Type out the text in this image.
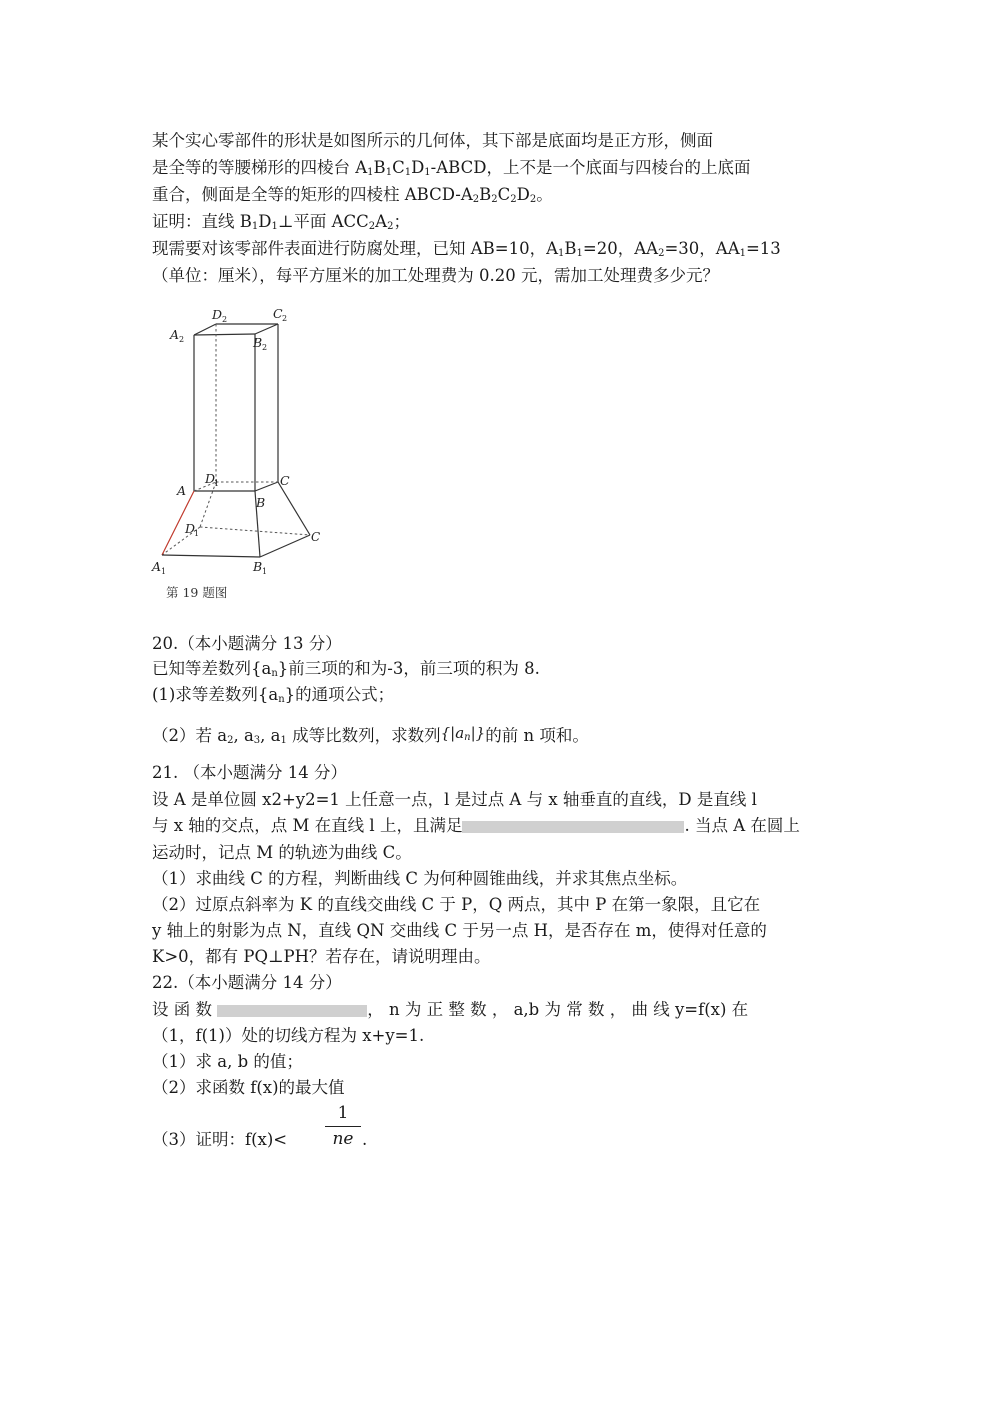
某个实心零部件的形状是如图所示的几何体，其下部是底面均是正方形，侧面
是全等的等腰梯形的四棱台 $A_1B_1C_1D_1$-ABCD，上不是一个底面与四棱台的上底面
重合，侧面是全等的矩形的四棱柱 ABCD-$A_2B_2C_2D_2$。
证明：直线 $B_1D_1\perp$平面 $ACC_2A_2$；
现需要对该零部件表面进行防腐处理，已知 AB=10，$A_1B_1=20$，$AA_2=30$，$AA_1=13$
（单位：厘米），每平方厘米的加工处理费为 0.20 元，需加工处理费多少元？
A 2
D 2	C 2
B 2
A
D
1	C
B
D
1	C
A 1	B 1
第 19 题图
20.（本小题满分 13 分）
已知等差数列$\{a_n\}$前三项的和为-3，前三项的积为 8.
(1)求等差数列$\{a_n\}$的通项公式；
（2）若 $a_2$, $a_3$, $a_1$ 成等比数列，求数列$\{|a_n|\}$的前 n 项和。
21. （本小题满分 14 分）
设 A 是单位圆 x2+y2=1 上任意一点，l 是过点 A 与 x 轴垂直的直线，D 是直线 l
与 x 轴的交点，点 M 在直线 l 上，且满足	. 当点 A 在圆上
运动时，记点 M 的轨迹为曲线 C。
（1）求曲线 C 的方程，判断曲线 C 为何种圆锥曲线，并求其焦点坐标。
（2）过原点斜率为 K 的直线交曲线 C 于 P，Q 两点，其中 P 在第一象限，且它在
y 轴上的射影为点 N，直线 QN 交曲线 C 于另一点 H，是否存在 m，使得对任意的
K>0，都有 PQ⊥PH？若存在，请说明理由。
22.（本小题满分 14 分）
设 函 数	， n 为 正 整 数 ， a,b 为 常 数 ， 曲 线 y=f(x) 在
（1，f(1)）处的切线方程为 x+y=1.
（1）求 a, b 的值；
（2）求函数 f(x)的最大值
（3）证明：f(x)<
1
ne .
